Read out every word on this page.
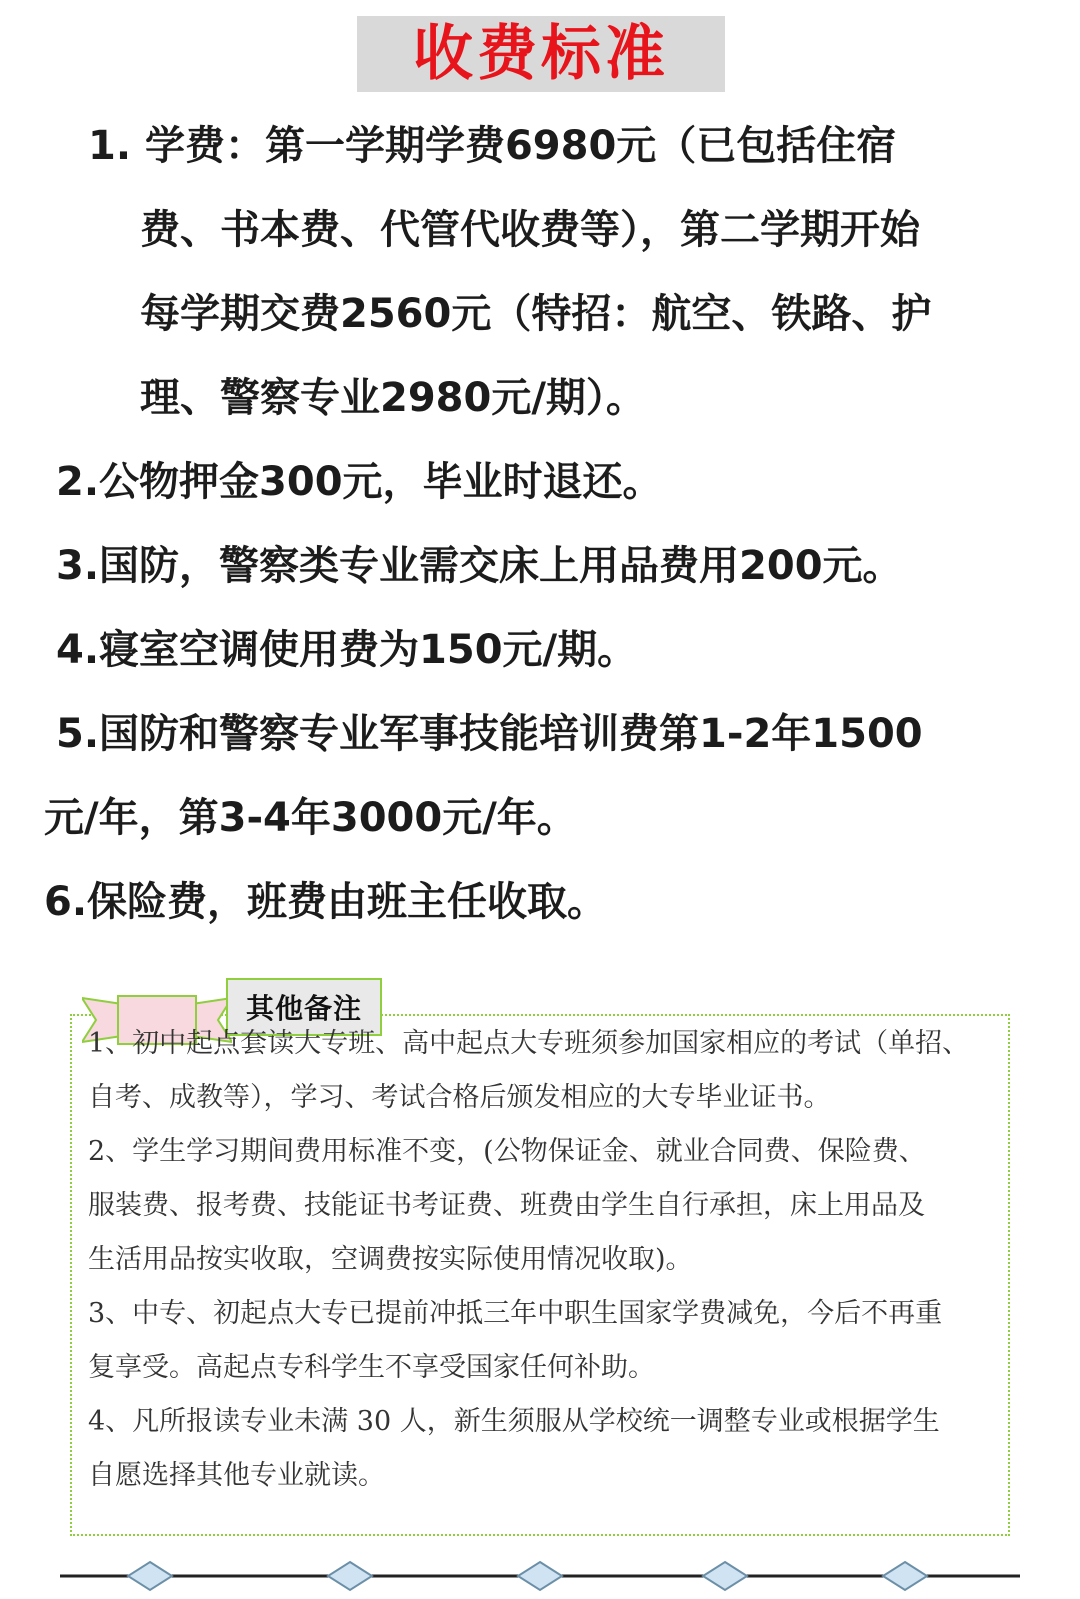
收费标准
1. 学费：第一学期学费6980元（已包括住宿
费、书本费、代管代收费等），第二学期开始
每学期交费2560元（特招：航空、铁路、护
理、警察专业2980元/期）。
2.公物押金300元，毕业时退还。
3.国防，警察类专业需交床上用品费用200元。
4.寝室空调使用费为150元/期。
5.国防和警察专业军事技能培训费第1-2年1500
元/年，第3-4年3000元/年。
6.保险费，班费由班主任收取。
其他备注
1、初中起点套读大专班、高中起点大专班须参加国家相应的考试（单招、
自考、成教等），学习、考试合格后颁发相应的大专毕业证书。
2、学生学习期间费用标准不变，(公物保证金、就业合同费、保险费、
服装费、报考费、技能证书考证费、班费由学生自行承担，床上用品及
生活用品按实收取，空调费按实际使用情况收取)。
3、中专、初起点大专已提前冲抵三年中职生国家学费减免，今后不再重
复享受。高起点专科学生不享受国家任何补助。
4、凡所报读专业未满 30 人，新生须服从学校统一调整专业或根据学生
自愿选择其他专业就读。
